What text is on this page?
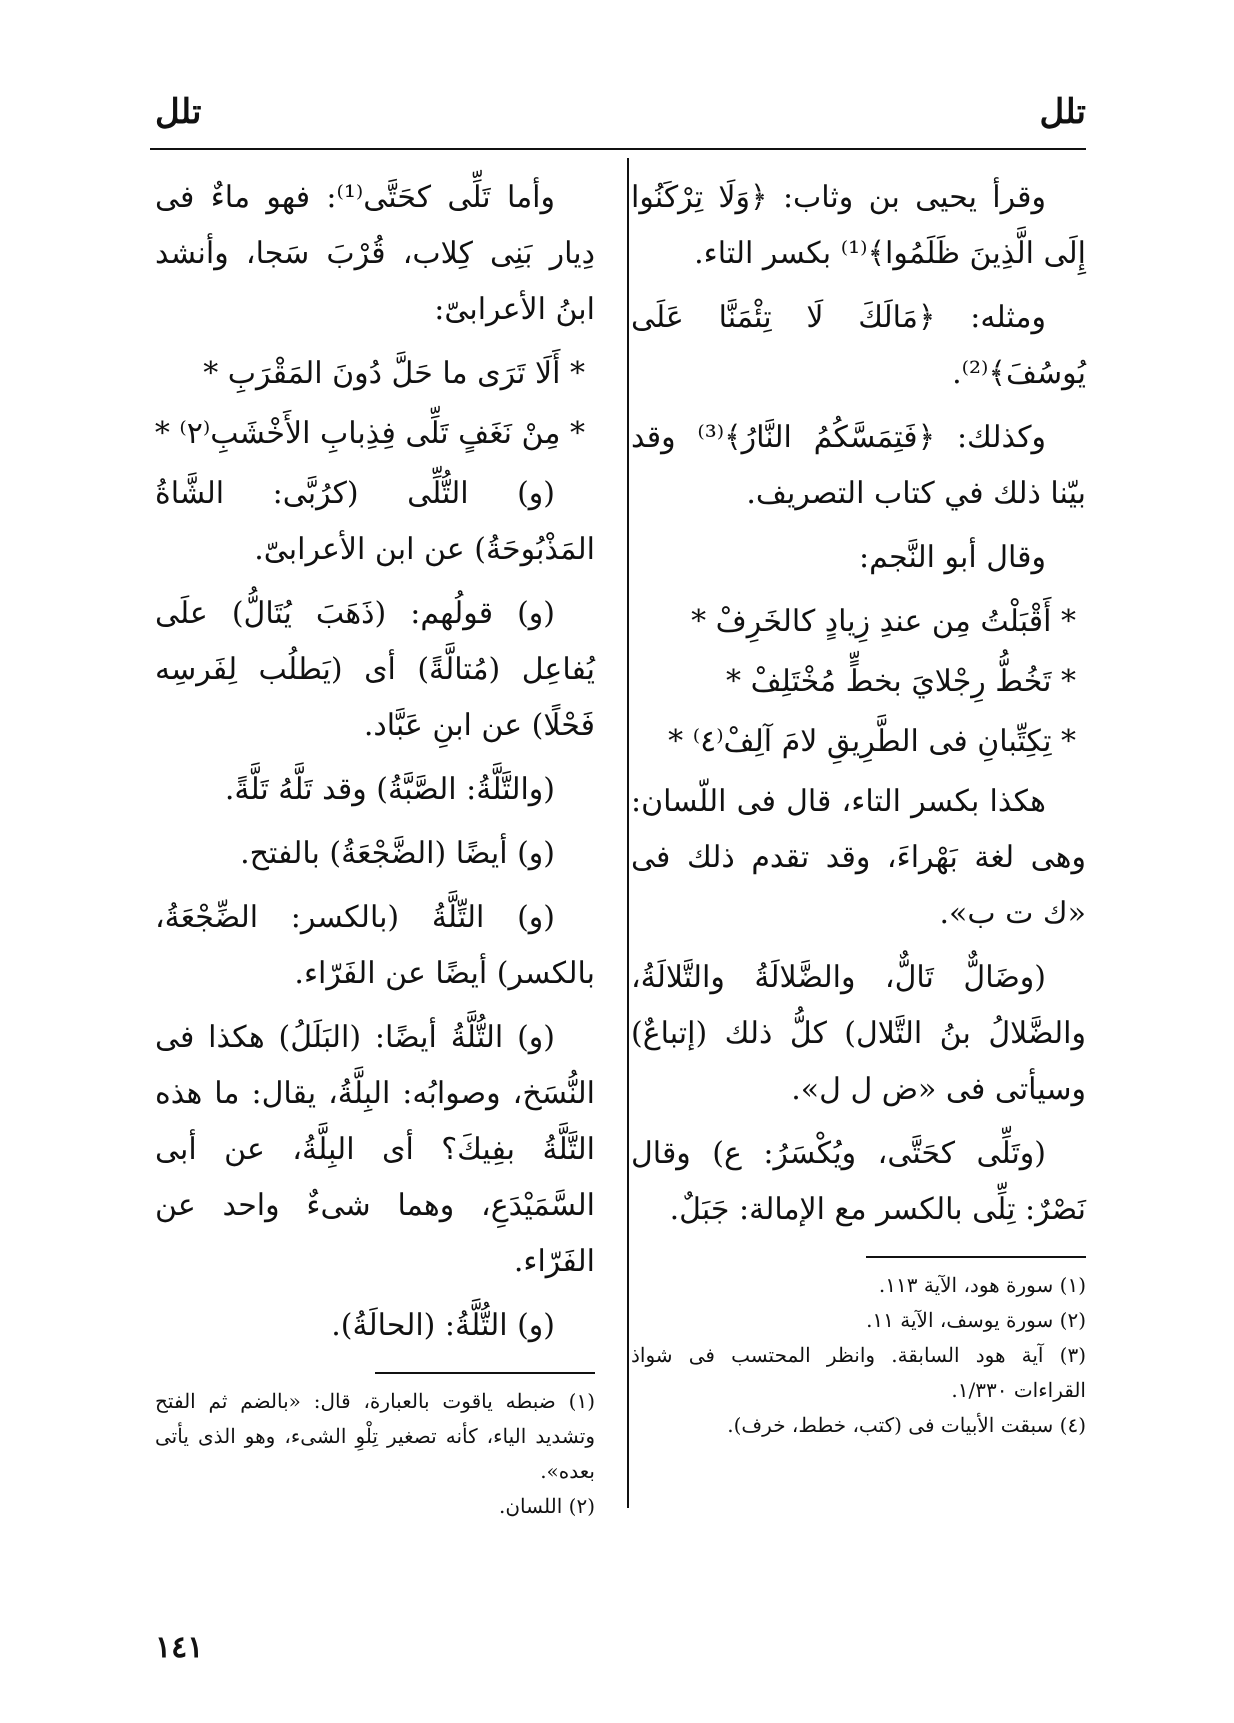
تلل
تلل

وقرأ يحيى بن وثاب: ﴿وَلَا تِرْكَنُوا إِلَى الَّذِينَ ظَلَمُوا﴾⁽¹⁾ بكسر التاء.

ومثله: ﴿مَالَكَ لَا تِئْمَنَّا عَلَى يُوسُفَ﴾⁽²⁾.

وكذلك: ﴿فَتِمَسَّكُمُ النَّارُ﴾⁽³⁾ وقد بيّنا ذلك في كتاب التصريف.

وقال أبو النَّجم:

* أَقْبَلْتُ مِن عندِ زِيادٍ كالخَرِفْ *

* تَخُطُّ رِجْلايَ بخطٍّ مُخْتَلِفْ *

* تِكِتِّبانِ فى الطَّرِيقِ لامَ آلِفْ⁽٤⁾ *

هكذا بكسر التاء، قال فى اللّسان: وهى لغة بَهْراءَ، وقد تقدم ذلك فى «ك ت ب».

(وضَالٌّ تَالٌّ، والضَّلالَةُ والتَّلالَةُ، والضَّلالُ بنُ التَّلال) كلُّ ذلك (إتباعٌ) وسيأتى فى «ض ل ل».

(وتَلِّى كحَتَّى، ويُكْسَرُ: ع) وقال نَصْرٌ: تِلِّى بالكسر مع الإمالة: جَبَلٌ.

(١) سورة هود، الآية ١١٣.

(٢) سورة يوسف، الآية ١١.

(٣) آية هود السابقة. وانظر المحتسب فى شواذ القراءات ١/٣٣٠.

(٤) سبقت الأبيات فى (كتب، خطط، خرف).

وأما تَلِّى كحَتَّى⁽¹⁾: فهو ماءٌ فى دِيار بَنِى كِلاب، قُرْبَ سَجا، وأنشد ابنُ الأعرابىّ:

* أَلَا تَرَى ما حَلَّ دُونَ المَقْرَبِ *

* مِنْ نَغَفٍ تَلِّى فِذِبابِ الأَخْشَبِ⁽٢⁾ *

(و) التُّلِّى (كرُبَّى: الشَّاةُ المَذْبُوحَةُ) عن ابن الأعرابىّ.

(و) قولُهم: (ذَهَبَ يُتَالُّ) علَى يُفاعِل (مُتالَّةً) أى (يَطلُب لِفَرسِه فَحْلًا) عن ابنِ عَبَّاد.

(والتَّلَّةُ: الصَّبَّةُ) وقد تَلَّهُ تَلَّةً.

(و) أيضًا (الضَّجْعَةُ) بالفتح.

(و) التِّلَّةُ (بالكسر: الضِّجْعَةُ، بالكسر) أيضًا عن الفَرّاء.

(و) التُّلَّةُ أيضًا: (البَلَلُ) هكذا فى النُّسَخ، وصوابُه: البِلَّةُ، يقال: ما هذه التَّلَّةُ بفِيكَ؟ أى البِلَّةُ، عن أبى السَّمَيْدَعِ، وهما شىءٌ واحد عن الفَرّاء.

(و) التُّلَّةُ: (الحالَةُ).

(١) ضبطه ياقوت بالعبارة، قال: «بالضم ثم الفتح وتشديد الياء، كأنه تصغير تِلْوِ الشىء، وهو الذى يأتى بعده».

(٢) اللسان.

١٤١
